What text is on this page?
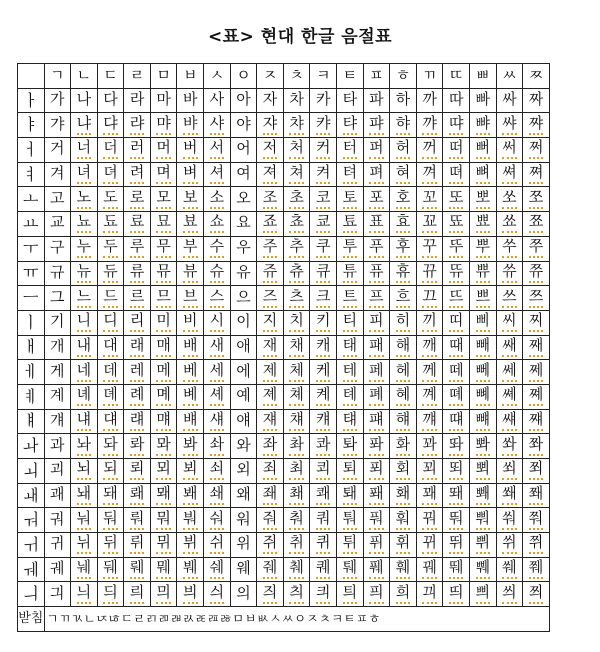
<표> 현대 한글 음절표
	ㄱ	ㄴ	ㄷ	ㄹ	ㅁ	ㅂ	ㅅ	ㅇ	ㅈ	ㅊ	ㅋ	ㅌ	ㅍ	ㅎ	ㄲ	ㄸ	ㅃ	ㅆ	ㅉ
ㅏ	가	나	다	라	마	바	사	아	자	차	카	타	파	하	까	따	빠	싸	짜
ㅑ	갸	냐	댜	랴	먀	뱌	샤	야	쟈	챠	캬	탸	퍄	햐	꺄	땨	뺘	쌰	쨔
ㅓ	거	너	더	러	머	버	서	어	저	처	커	터	퍼	허	꺼	떠	뻐	써	쩌
ㅕ	겨	녀	뎌	려	며	벼	셔	여	져	쳐	켜	텨	펴	혀	껴	뗘	뼈	쎠	쪄
ㅗ	고	노	도	로	모	보	소	오	조	초	코	토	포	호	꼬	또	뽀	쏘	쪼
ㅛ	교	뇨	됴	료	묘	뵤	쇼	요	죠	쵸	쿄	툐	표	효	꾜	뚀	뾰	쑈	쬬
ㅜ	구	누	두	루	무	부	수	우	주	추	쿠	투	푸	후	꾸	뚜	뿌	쑤	쭈
ㅠ	규	뉴	듀	류	뮤	뷰	슈	유	쥬	츄	큐	튜	퓨	휴	뀨	뜌	쀼	쓔	쮸
ㅡ	그	느	드	르	므	브	스	으	즈	츠	크	트	프	흐	끄	뜨	쁘	쓰	쯔
ㅣ	기	니	디	리	미	비	시	이	지	치	키	티	피	히	끼	띠	삐	씨	찌
ㅐ	개	내	대	래	매	배	새	애	재	채	캐	태	패	해	깨	때	빼	쌔	째
ㅔ	게	네	데	레	메	베	세	에	제	체	케	테	페	헤	께	떼	뻬	쎄	쩨
ㅖ	계	녜	뎨	례	몌	볘	셰	예	졔	쳬	켸	톄	폐	혜	꼐	뗴	뼤	쎼	쪠
ㅒ	걔	냬	댸	럐	먜	뱨	섀	얘	쟤	챼	컈	턔	퍠	햬	꺠	떄	뺴	썌	쨰
ㅘ	과	놔	돠	롸	뫄	봐	솨	와	좌	촤	콰	톼	퐈	화	꽈	똬	뽜	쏴	쫘
ㅚ	괴	뇌	되	뢰	뫼	뵈	쇠	외	죄	최	쾨	퇴	푀	회	꾀	뙤	뾔	쐬	쬐
ㅙ	괘	놰	돼	뢔	뫠	봬	쇄	왜	좨	쵀	쾌	퇘	퐤	홰	꽤	뙈	뽸	쐐	쫴
ㅝ	궈	눠	둬	뤄	뭐	붜	숴	워	줘	춰	쿼	퉈	풔	훠	꿔	뚸	뿨	쒀	쭤
ㅟ	귀	뉘	뒤	뤼	뮈	뷔	쉬	위	쥐	취	퀴	튀	퓌	휘	뀌	뛰	쀠	쒸	쮜
ㅞ	궤	눼	뒈	뤠	뭬	붸	쉐	웨	줴	췌	퀘	퉤	풰	훼	꿰	뛔	쀄	쒜	쮀
ㅢ	긔	늬	듸	릐	믜	븨	싀	의	즤	츼	킈	틔	픠	희	끠	띄	쁴	씌	쯰
받침	ㄱㄲㄳㄴㄵㄶㄷㄹㄺㄻㄼㄽㄾㄿㅀㅁㅂㅄㅅㅆㅇㅈㅊㅋㅌㅍㅎ																		
